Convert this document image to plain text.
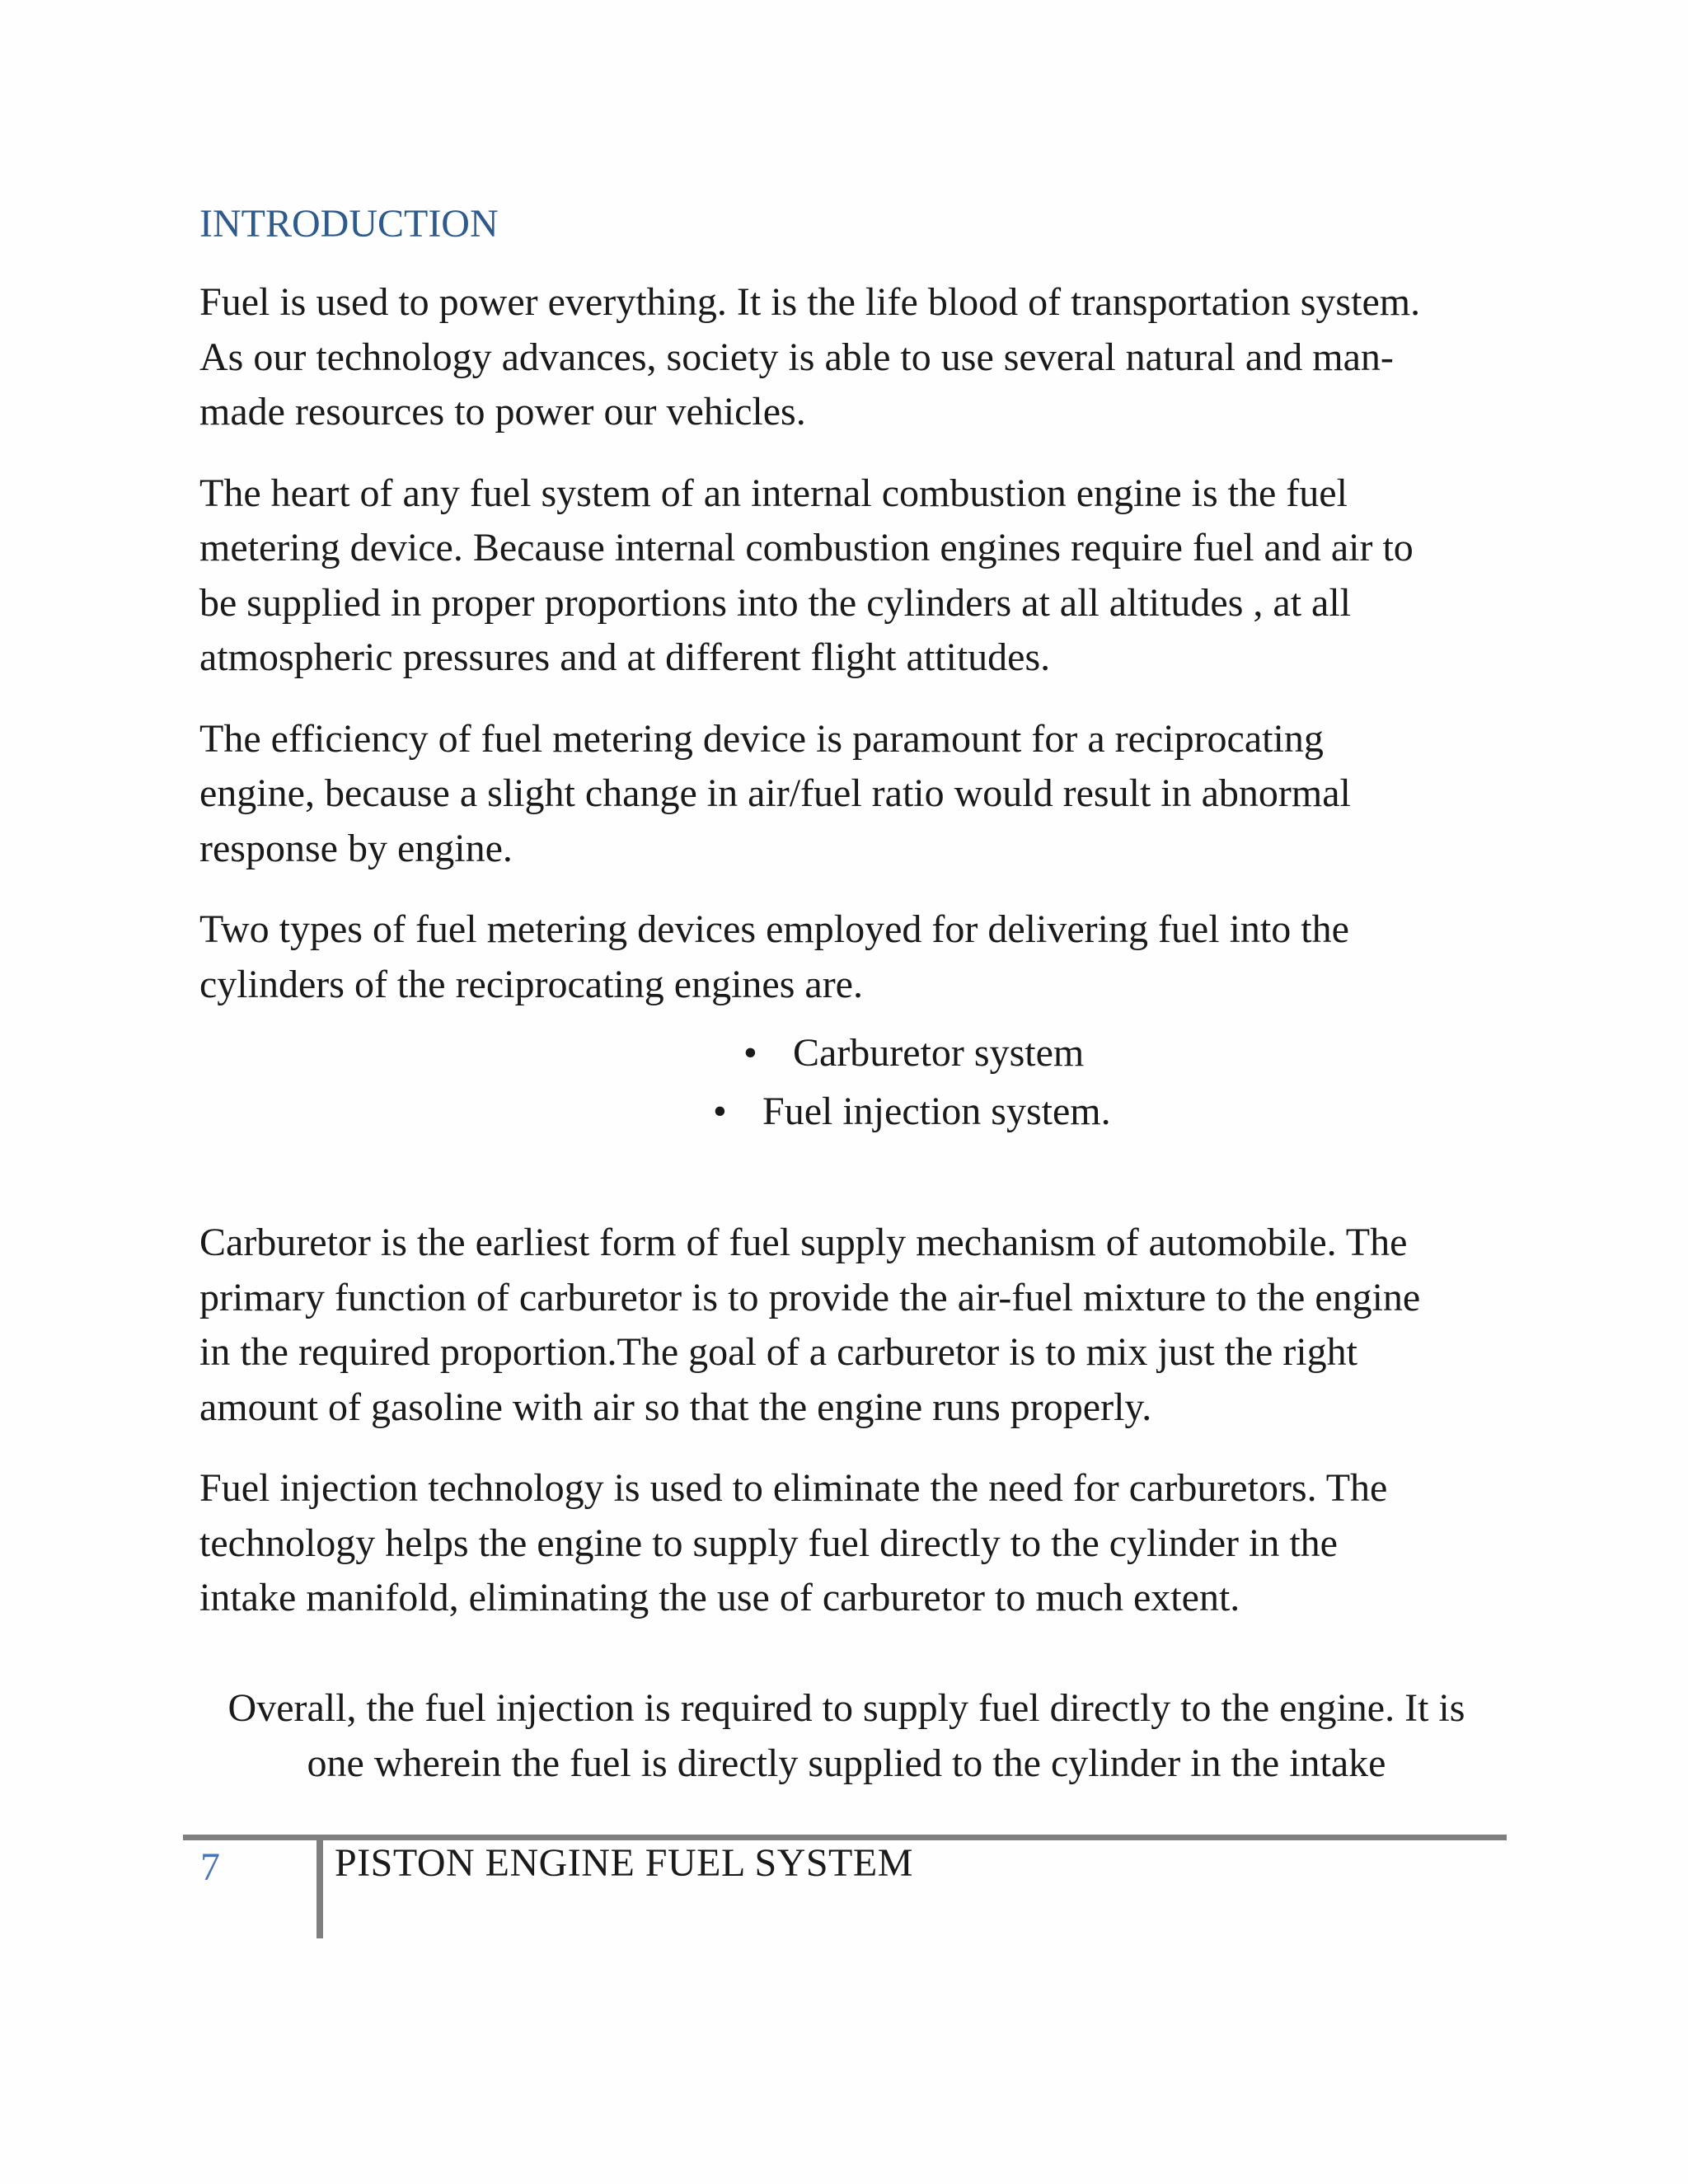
INTRODUCTION

Fuel is used to power everything. It is the life blood of transportation system.
As our technology advances, society is able to use several natural and man-
made resources to power our vehicles.

The heart of any fuel system of an internal combustion engine is the fuel
metering device. Because internal combustion engines require fuel and air to
be supplied in proper proportions into the cylinders at all altitudes , at all
atmospheric pressures and at different flight attitudes.

The efficiency of fuel metering device is paramount for a reciprocating
engine, because a slight change in air/fuel ratio would result in abnormal
response by engine.

Two types of fuel metering devices employed for delivering fuel into the
cylinders of the reciprocating engines are.

• Carburetor system
• Fuel injection system.

Carburetor is the earliest form of fuel supply mechanism of automobile. The
primary function of carburetor is to provide the air-fuel mixture to the engine
in the required proportion.The goal of a carburetor is to mix just the right
amount of gasoline with air so that the engine runs properly.

Fuel injection technology is used to eliminate the need for carburetors. The
technology helps the engine to supply fuel directly to the cylinder in the
intake manifold, eliminating the use of carburetor to much extent.

Overall, the fuel injection is required to supply fuel directly to the engine. It is one wherein the fuel is directly supplied to the cylinder in the intake

7	PISTON ENGINE FUEL SYSTEM
